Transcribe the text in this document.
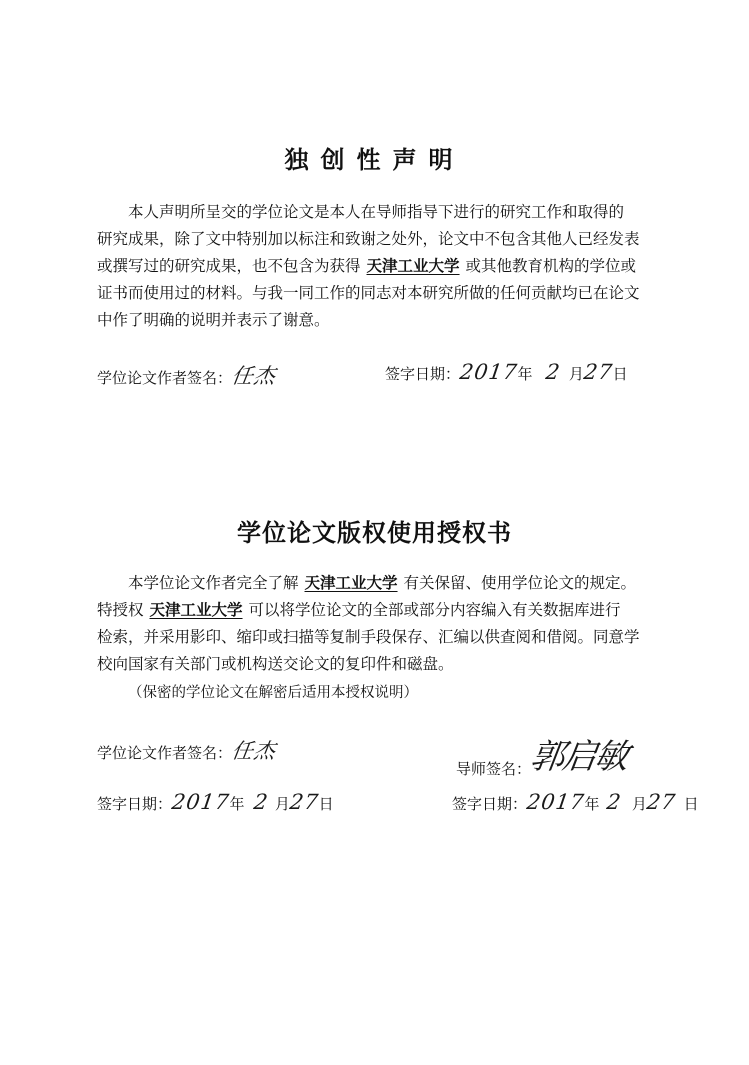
独创性声明
本人声明所呈交的学位论文是本人在导师指导下进行的研究工作和取得的
研究成果，除了文中特别加以标注和致谢之处外，论文中不包含其他人已经发表
或撰写过的研究成果，也不包含为获得 天津工业大学 或其他教育机构的学位或
证书而使用过的材料。与我一同工作的同志对本研究所做的任何贡献均已在论文
中作了明确的说明并表示了谢意。
学位论文作者签名：任杰	签字日期：2017年 2 月27日
学位论文版权使用授权书
本学位论文作者完全了解 天津工业大学 有关保留、使用学位论文的规定。
特授权 天津工业大学 可以将学位论文的全部或部分内容编入有关数据库进行
检索，并采用影印、缩印或扫描等复制手段保存、汇编以供查阅和借阅。同意学
校向国家有关部门或机构送交论文的复印件和磁盘。
（保密的学位论文在解密后适用本授权说明）
学位论文作者签名：任杰
导师签名：郭启敏
签字日期：2017年 2 月27日	签字日期：2017年 2 月27 日
